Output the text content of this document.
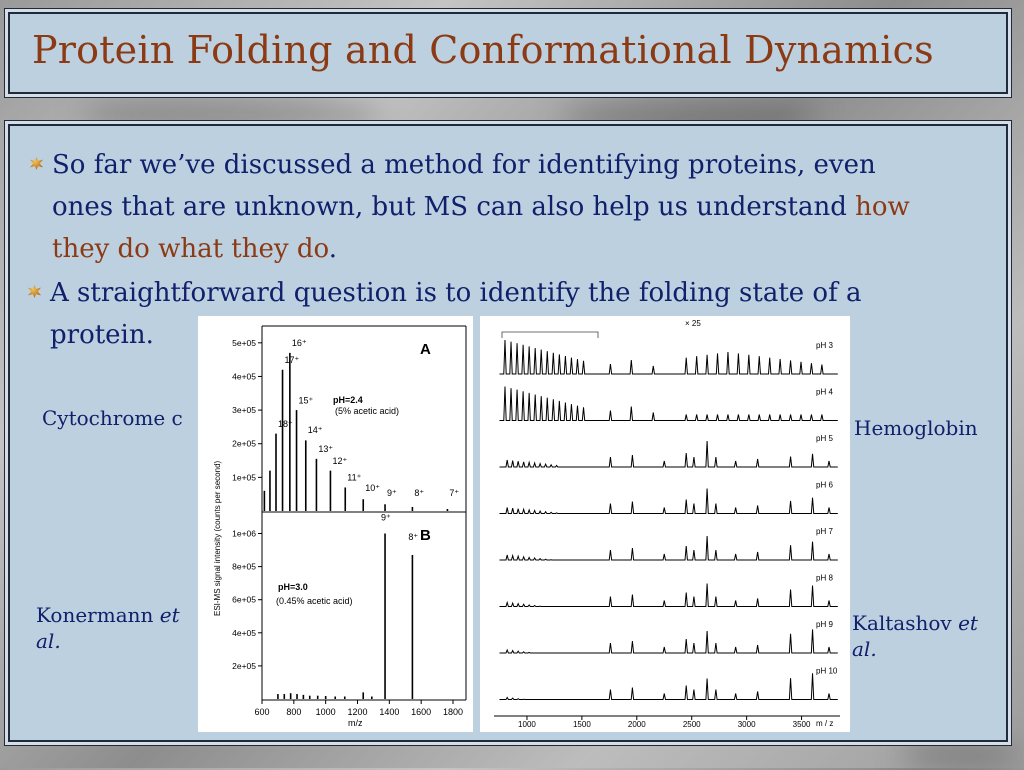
Protein Folding and Conformational Dynamics
So far we’ve discussed a method for identifying proteins, even ones that are unknown, but MS can also help us understand how they do what they do.
A straightforward question is to identify the folding state of a protein.
Cytochrome c
Konermann et
al.
Hemoglobin
Kaltashov et
al.
A
pH=2.4
(5% acetic acid)
B
pH=3.0
(0.45% acetic acid)
ESI-MS signal intensity (counts per second)
m/z
1e+05
2e+05
3e+05
4e+05
5e+05
2e+05
4e+05
6e+05
8e+05
1e+06
600 800 1000 1200 1400 1600 1800
16⁺
17⁺
15⁺
18⁺
14⁺
13⁺
12⁺
11⁺
10⁺
9⁺ 8⁺	7⁺
9⁺
8⁺
× 25
m / z
pH 3
pH 4
pH 5
pH 6
pH 7
pH 8
pH 9
pH 10
1000	1500	2000	2500	3000	3500
